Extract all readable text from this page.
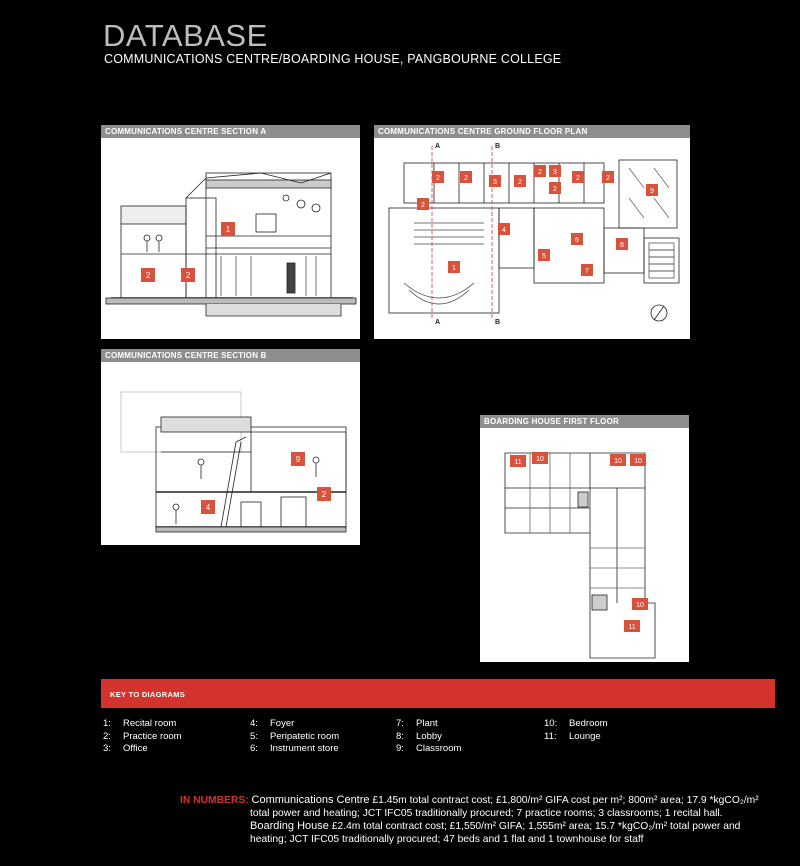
DATABASE
COMMUNICATIONS CENTRE/BOARDING HOUSE, PANGBOURNE COLLEGE
COMMUNICATIONS CENTRE SECTION A
1
2	2
COMMUNICATIONS CENTRE GROUND FLOOR PLAN
A	B
A	B
2	2
3	2
2 3
2
2	2
9
2
4
1
6
5
7
8
COMMUNICATIONS CENTRE SECTION B
9
4
2
BOARDING HOUSE FIRST FLOOR
11 10	10 10
10
11
KEY TO DIAGRAMS
1: Recital room
2: Practice room
3: Office
4: Foyer
5: Peripatetic room
6: Instrument store
7: Plant
8: Lobby
9: Classroom
10: Bedroom
11: Lounge
IN NUMBERS: Communications Centre £1.45m total contract cost; £1,800/m² GIFA cost per m²; 800m² area; 17.9 *kgCO₂/m²
total power and heating; JCT IFC05 traditionally procured; 7 practice rooms; 3 classrooms; 1 recital hall.
Boarding House £2.4m total contract cost; £1,550/m² GIFA; 1,555m² area; 15.7 *kgCO₂/m² total power and
heating; JCT IFC05 traditionally procured; 47 beds and 1 flat and 1 townhouse for staff
